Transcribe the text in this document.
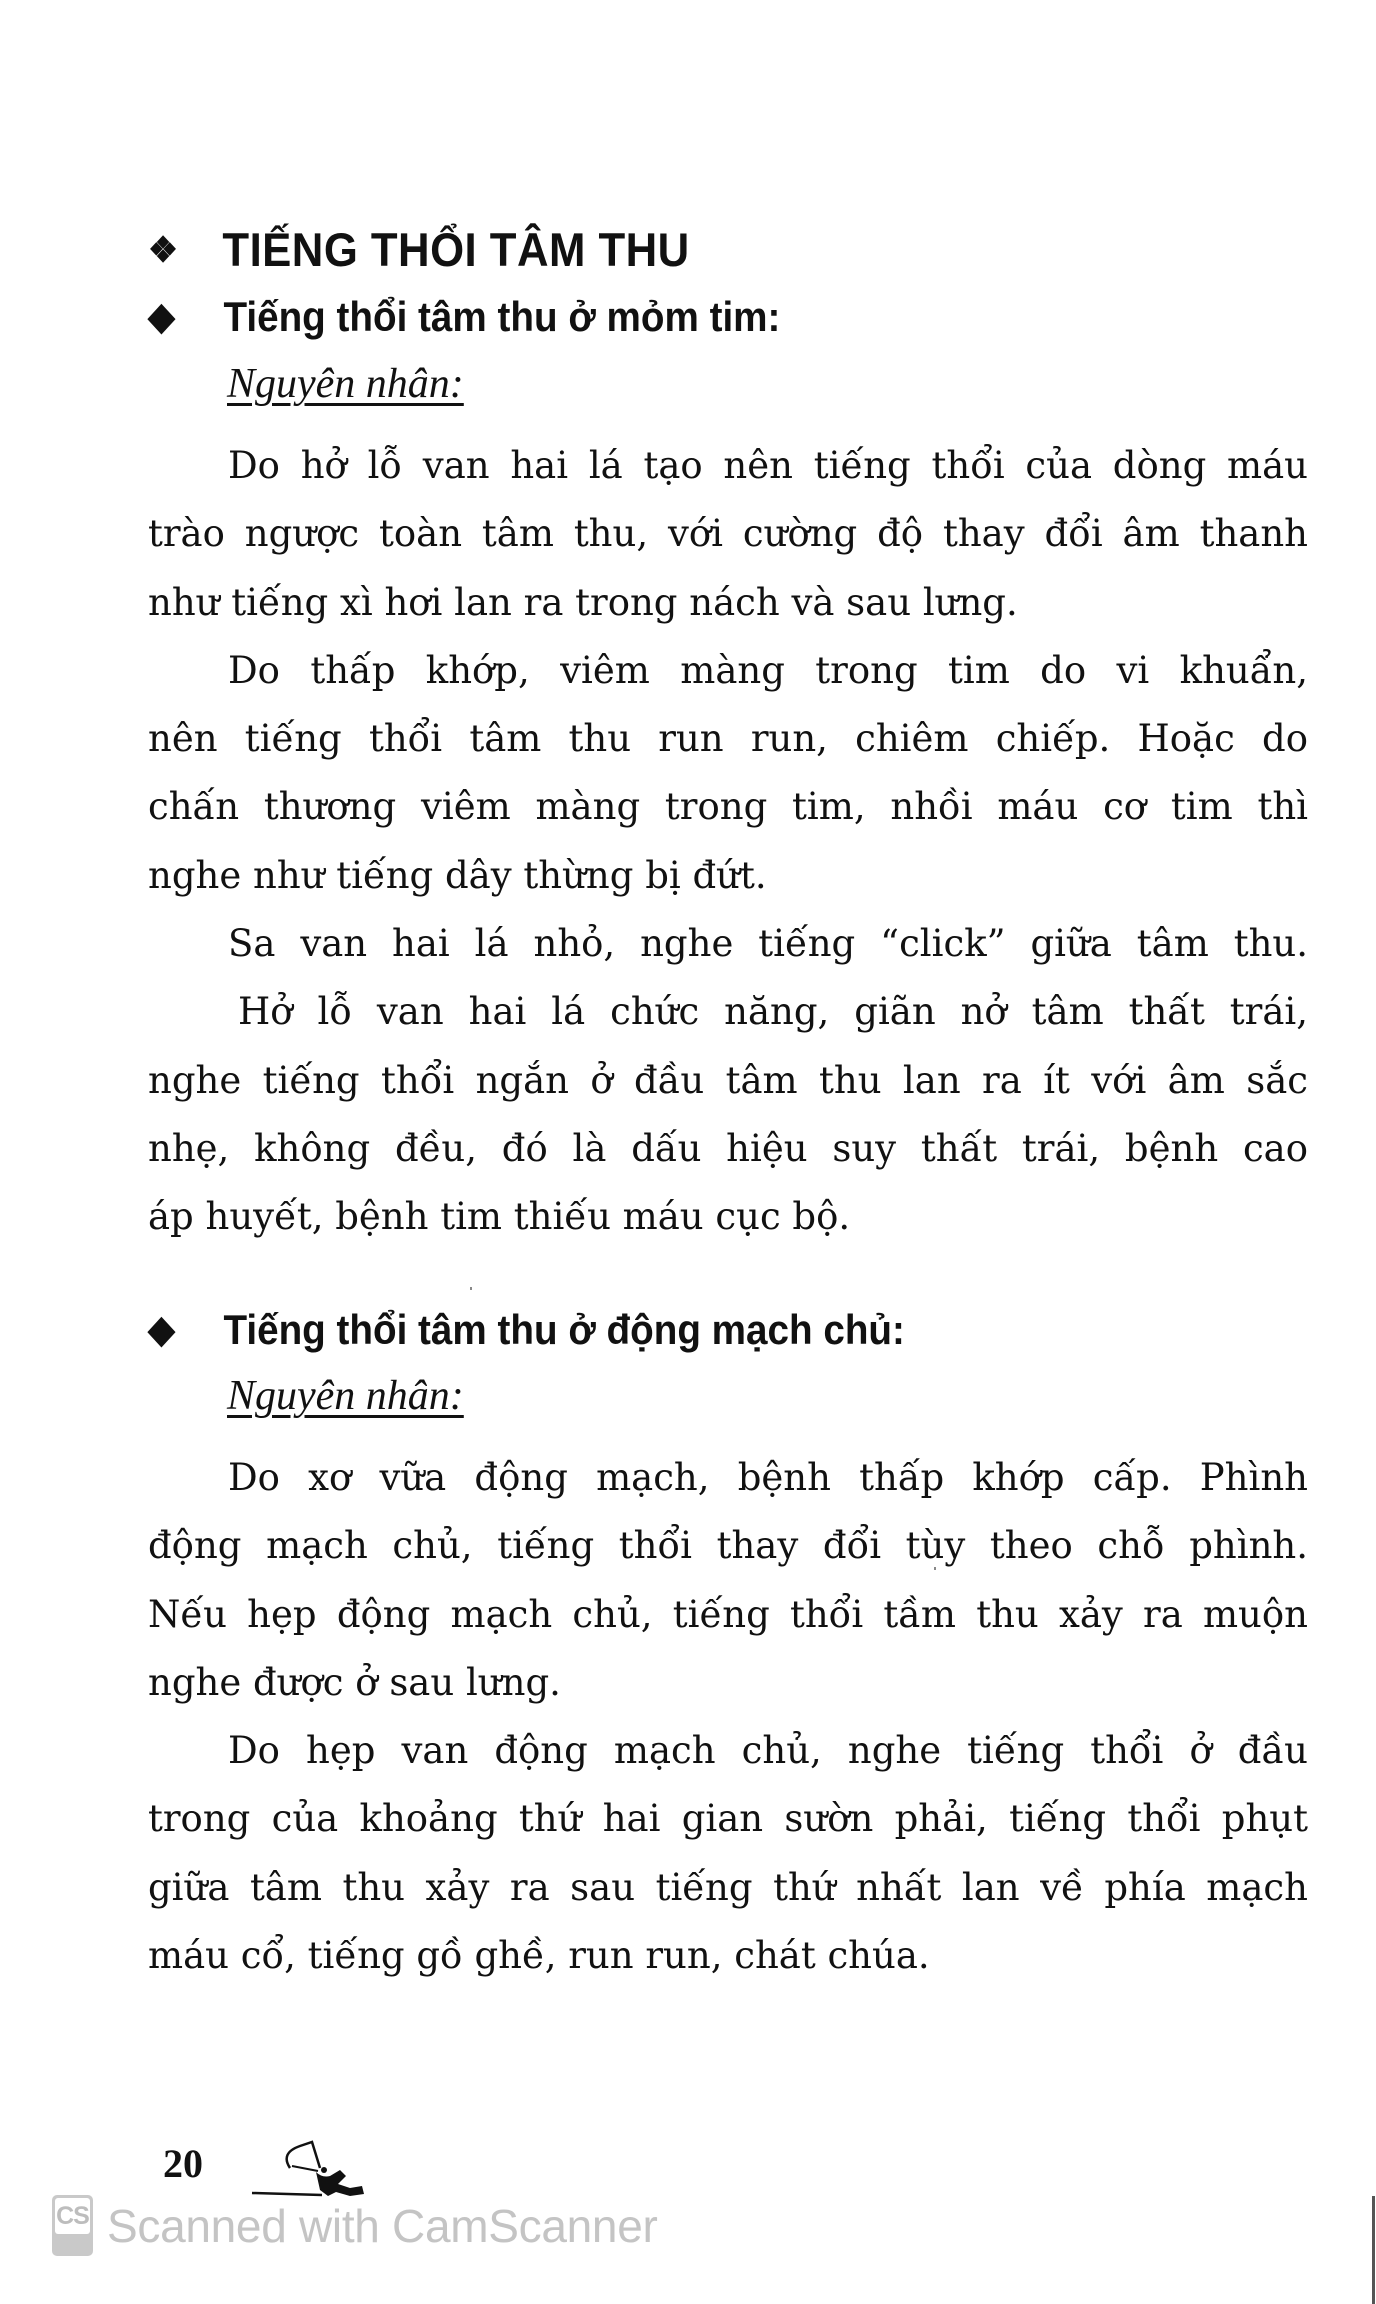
❖ TIẾNG THỔI TÂM THU
◆ Tiếng thổi tâm thu ở mỏm tim:
Nguyên nhân:
Do hở lỗ van hai lá tạo nên tiếng thổi của dòng máu
trào ngược toàn tâm thu, với cường độ thay đổi âm thanh
như tiếng xì hơi lan ra trong nách và sau lưng.
Do thấp khớp, viêm màng trong tim do vi khuẩn,
nên tiếng thổi tâm thu run run, chiêm chiếp. Hoặc do
chấn thương viêm màng trong tim, nhồi máu cơ tim thì
nghe như tiếng dây thừng bị đứt.
Sa van hai lá nhỏ, nghe tiếng “click” giữa tâm thu.
Hở lỗ van hai lá chức năng, giãn nở tâm thất trái,
nghe tiếng thổi ngắn ở đầu tâm thu lan ra ít với âm sắc
nhẹ, không đều, đó là dấu hiệu suy thất trái, bệnh cao
áp huyết, bệnh tim thiếu máu cục bộ.
◆ Tiếng thổi tâm thu ở động mạch chủ:
Nguyên nhân:
Do xơ vữa động mạch, bệnh thấp khớp cấp. Phình
động mạch chủ, tiếng thổi thay đổi tùy theo chỗ phình.
Nếu hẹp động mạch chủ, tiếng thổi tầm thu xảy ra muộn
nghe được ở sau lưng.
Do hẹp van động mạch chủ, nghe tiếng thổi ở đầu
trong của khoảng thứ hai gian sườn phải, tiếng thổi phụt
giữa tâm thu xảy ra sau tiếng thứ nhất lan về phía mạch
máu cổ, tiếng gồ ghề, run run, chát chúa.
20
CS Scanned with CamScanner
